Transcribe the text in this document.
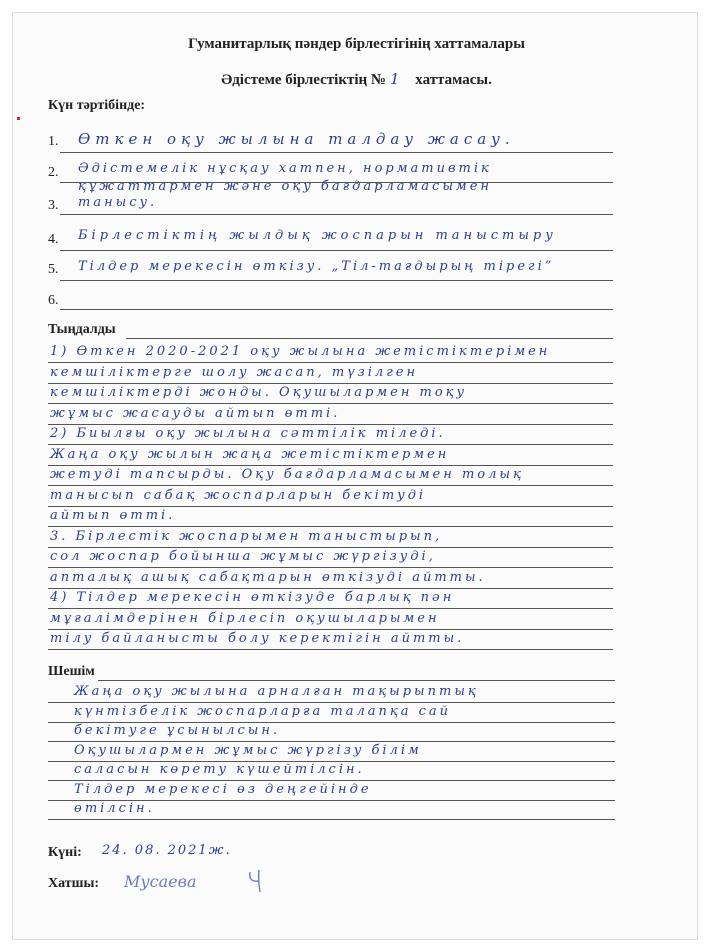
Гуманитарлық пәндер бірлестігінің хаттамалары
Әдістеме бірлестіктің № 1 хаттамасы.
Күн тәртібінде:
1. Өткен оқу жылына талдау жасау.
2. Әдістемелік нұсқау хатпен, нормативтік
құжаттармен және оқу бағдарламасымен
3. танысу.
4. Бірлестіктің жылдық жоспарын таныстыру
5. Тілдер мерекесін өткізу. „Тіл-тағдырың тірегі”
6.
Тыңдалды
1) Өткен 2020-2021 оқу жылына жетістіктерімен
кемшіліктерге шолу жасап, түзілген
кемшіліктерді жонды. Оқушылармен тоқу
жұмыс жасауды айтып өтті.
2) Биылғы оқу жылына сәттілік тіледі.
Жаңа оқу жылын жаңа жетістіктермен
жетуді тапсырды. Оқу бағдарламасымен толық
танысып сабақ жоспарларын бекітуді
айтып өтті.
3. Бірлестік жоспарымен таныстырып,
сол жоспар бойынша жұмыс жүргізуді,
апталық ашық сабақтарын өткізуді айтты.
4) Тілдер мерекесін өткізуде барлық пән
мұғалімдерінен бірлесіп оқушыларымен
тілу байланысты болу керектігін айтты.
Шешім
Жаңа оқу жылына арналған тақырыптық
күнтізбелік жоспарларға талапқа сай
бекітуге ұсынылсын.
Оқушылармен жұмыс жүргізу білім
саласын көрету күшейтілсін.
Тілдер мерекесі өз деңгейінде
өтілсін.
Күні: 24. 08. 2021ж.
Хатшы: Мусаева
